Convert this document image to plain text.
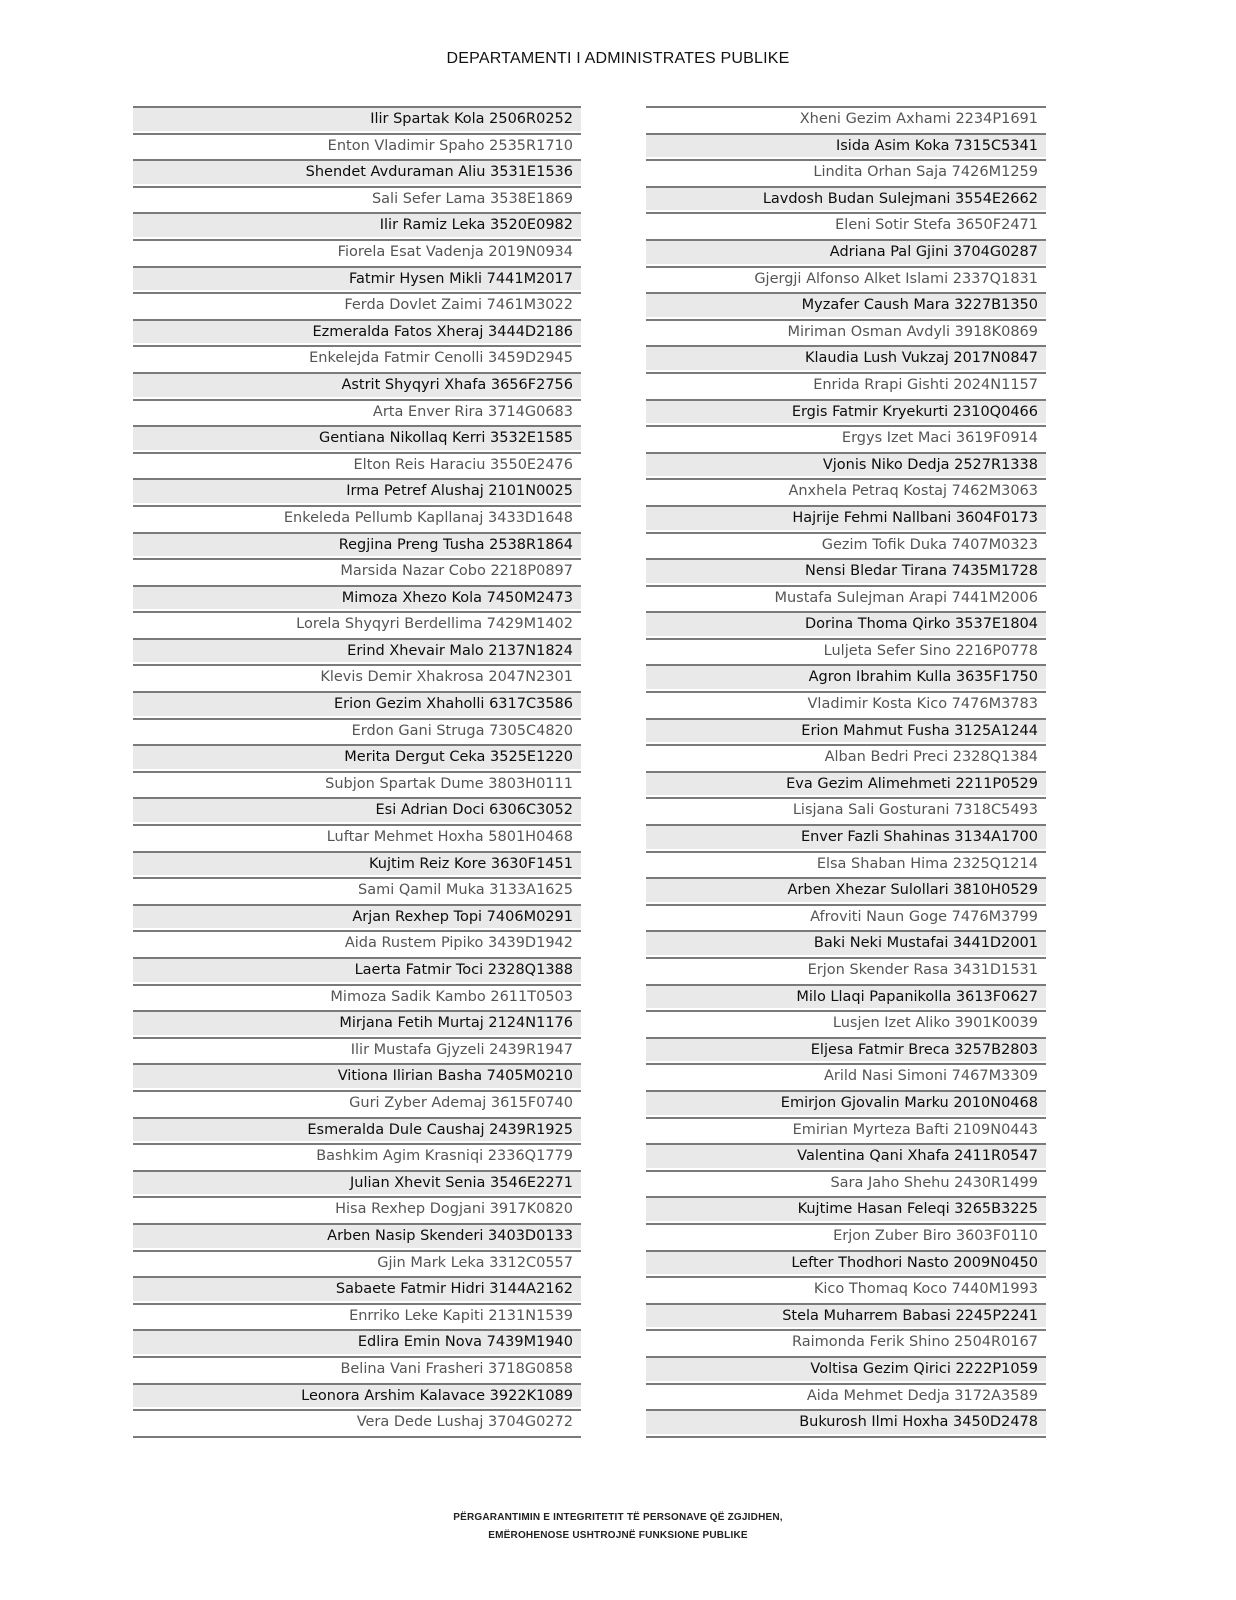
DEPARTAMENTI I ADMINISTRATES PUBLIKE
Ilir Spartak Kola 2506R0252
Enton Vladimir Spaho 2535R1710
Shendet Avduraman Aliu 3531E1536
Sali Sefer Lama 3538E1869
Ilir Ramiz Leka 3520E0982
Fiorela Esat Vadenja 2019N0934
Fatmir Hysen Mikli 7441M2017
Ferda Dovlet Zaimi 7461M3022
Ezmeralda Fatos Xheraj 3444D2186
Enkelejda Fatmir Cenolli 3459D2945
Astrit Shyqyri Xhafa 3656F2756
Arta Enver Rira 3714G0683
Gentiana Nikollaq Kerri 3532E1585
Elton Reis Haraciu 3550E2476
Irma Petref Alushaj 2101N0025
Enkeleda Pellumb Kapllanaj 3433D1648
Regjina Preng Tusha 2538R1864
Marsida Nazar Cobo 2218P0897
Mimoza Xhezo Kola 7450M2473
Lorela Shyqyri Berdellima 7429M1402
Erind Xhevair Malo 2137N1824
Klevis Demir Xhakrosa 2047N2301
Erion Gezim Xhaholli 6317C3586
Erdon Gani Struga 7305C4820
Merita Dergut Ceka 3525E1220
Subjon Spartak Dume 3803H0111
Esi Adrian Doci 6306C3052
Luftar Mehmet Hoxha 5801H0468
Kujtim Reiz Kore 3630F1451
Sami Qamil Muka 3133A1625
Arjan Rexhep Topi 7406M0291
Aida Rustem Pipiko 3439D1942
Laerta Fatmir Toci 2328Q1388
Mimoza Sadik Kambo 2611T0503
Mirjana Fetih Murtaj 2124N1176
Ilir Mustafa Gjyzeli 2439R1947
Vitiona Ilirian Basha 7405M0210
Guri Zyber Ademaj 3615F0740
Esmeralda Dule Caushaj 2439R1925
Bashkim Agim Krasniqi 2336Q1779
Julian Xhevit Senia 3546E2271
Hisa Rexhep Dogjani 3917K0820
Arben Nasip Skenderi 3403D0133
Gjin Mark Leka 3312C0557
Sabaete Fatmir Hidri 3144A2162
Enrriko Leke Kapiti 2131N1539
Edlira Emin Nova 7439M1940
Belina Vani Frasheri 3718G0858
Leonora Arshim Kalavace 3922K1089
Vera Dede Lushaj 3704G0272
Xheni Gezim Axhami 2234P1691
Isida Asim Koka 7315C5341
Lindita Orhan Saja 7426M1259
Lavdosh Budan Sulejmani 3554E2662
Eleni Sotir Stefa 3650F2471
Adriana Pal Gjini 3704G0287
Gjergji Alfonso Alket Islami 2337Q1831
Myzafer Caush Mara 3227B1350
Miriman Osman Avdyli 3918K0869
Klaudia Lush Vukzaj 2017N0847
Enrida Rrapi Gishti 2024N1157
Ergis Fatmir Kryekurti 2310Q0466
Ergys Izet Maci 3619F0914
Vjonis Niko Dedja 2527R1338
Anxhela Petraq Kostaj 7462M3063
Hajrije Fehmi Nallbani 3604F0173
Gezim Tofik Duka 7407M0323
Nensi Bledar Tirana 7435M1728
Mustafa Sulejman Arapi 7441M2006
Dorina Thoma Qirko 3537E1804
Luljeta Sefer Sino 2216P0778
Agron Ibrahim Kulla 3635F1750
Vladimir Kosta Kico 7476M3783
Erion Mahmut Fusha 3125A1244
Alban Bedri Preci 2328Q1384
Eva Gezim Alimehmeti 2211P0529
Lisjana Sali Gosturani 7318C5493
Enver Fazli Shahinas 3134A1700
Elsa Shaban Hima 2325Q1214
Arben Xhezar Sulollari 3810H0529
Afroviti Naun Goge 7476M3799
Baki Neki Mustafai 3441D2001
Erjon Skender Rasa 3431D1531
Milo Llaqi Papanikolla 3613F0627
Lusjen Izet Aliko 3901K0039
Eljesa Fatmir Breca 3257B2803
Arild Nasi Simoni 7467M3309
Emirjon Gjovalin Marku 2010N0468
Emirian Myrteza Bafti 2109N0443
Valentina Qani Xhafa 2411R0547
Sara Jaho Shehu 2430R1499
Kujtime Hasan Feleqi 3265B3225
Erjon Zuber Biro 3603F0110
Lefter Thodhori Nasto 2009N0450
Kico Thomaq Koco 7440M1993
Stela Muharrem Babasi 2245P2241
Raimonda Ferik Shino 2504R0167
Voltisa Gezim Qirici 2222P1059
Aida Mehmet Dedja 3172A3589
Bukurosh Ilmi Hoxha 3450D2478
PËRGARANTIMIN E INTEGRITETIT TË PERSONAVE QË ZGJIDHEN,
EMËROHENOSE USHTROJNË FUNKSIONE PUBLIKE
